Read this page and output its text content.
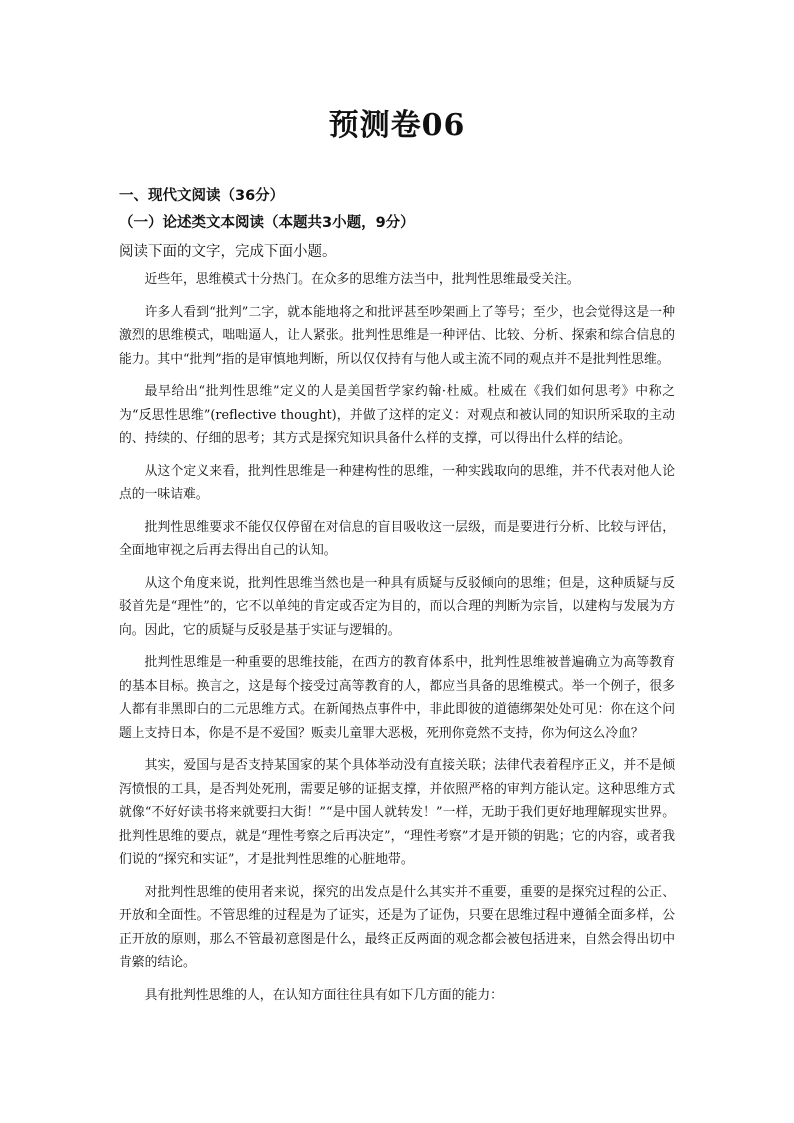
预测卷06

一、现代文阅读（36分）

（一）论述类文本阅读（本题共3小题，9分）

阅读下面的文字，完成下面小题。

近些年，思维模式十分热门。在众多的思维方法当中，批判性思维最受关注。

许多人看到“批判”二字，就本能地将之和批评甚至吵架画上了等号；至少，也会觉得这是一种激烈的思维模式，咄咄逼人，让人紧张。批判性思维是一种评估、比较、分析、探索和综合信息的能力。其中“批判”指的是审慎地判断，所以仅仅持有与他人或主流不同的观点并不是批判性思维。

最早给出“批判性思维”定义的人是美国哲学家约翰·杜威。杜威在《我们如何思考》中称之为“反思性思维”(reflective thought)，并做了这样的定义：对观点和被认同的知识所采取的主动的、持续的、仔细的思考；其方式是探究知识具备什么样的支撑，可以得出什么样的结论。

从这个定义来看，批判性思维是一种建构性的思维，一种实践取向的思维，并不代表对他人论点的一味诘难。

批判性思维要求不能仅仅停留在对信息的盲目吸收这一层级，而是要进行分析、比较与评估，全面地审视之后再去得出自己的认知。

从这个角度来说，批判性思维当然也是一种具有质疑与反驳倾向的思维；但是，这种质疑与反驳首先是“理性”的，它不以单纯的肯定或否定为目的，而以合理的判断为宗旨，以建构与发展为方向。因此，它的质疑与反驳是基于实证与逻辑的。

批判性思维是一种重要的思维技能，在西方的教育体系中，批判性思维被普遍确立为高等教育的基本目标。换言之，这是每个接受过高等教育的人，都应当具备的思维模式。举一个例子，很多人都有非黑即白的二元思维方式。在新闻热点事件中，非此即彼的道德绑架处处可见：你在这个问题上支持日本，你是不是不爱国？贩卖儿童罪大恶极，死刑你竟然不支持，你为何这么冷血？

其实，爱国与是否支持某国家的某个具体举动没有直接关联；法律代表着程序正义，并不是倾泻愤恨的工具，是否判处死刑，需要足够的证据支撑，并依照严格的审判方能认定。这种思维方式就像“不好好读书将来就要扫大街！”“是中国人就转发！”一样，无助于我们更好地理解现实世界。批判性思维的要点，就是“理性考察之后再决定”，“理性考察”才是开锁的钥匙；它的内容，或者我们说的“探究和实证”，才是批判性思维的心脏地带。

对批判性思维的使用者来说，探究的出发点是什么其实并不重要，重要的是探究过程的公正、开放和全面性。不管思维的过程是为了证实，还是为了证伪，只要在思维过程中遵循全面多样，公正开放的原则，那么不管最初意图是什么，最终正反两面的观念都会被包括进来，自然会得出切中肯綮的结论。

具有批判性思维的人，在认知方面往往具有如下几方面的能力：
